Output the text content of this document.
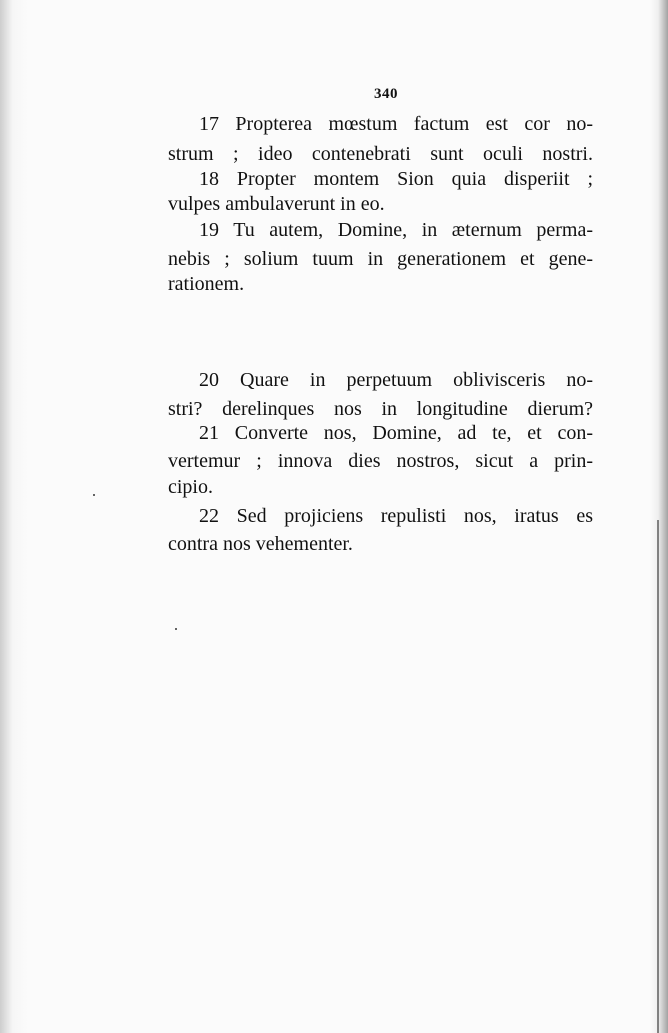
340
17 Propterea mœstum factum est cor no-
strum ; ideo contenebrati sunt oculi nostri.
18 Propter montem Sion quia disperiit ;
vulpes ambulaverunt in eo.
19 Tu autem, Domine, in æternum perma-
nebis ; solium tuum in generationem et gene-
rationem.
20 Quare in perpetuum oblivisceris no-
stri? derelinques nos in longitudine dierum?
21 Converte nos, Domine, ad te, et con-
vertemur ; innova dies nostros, sicut a prin-
cipio.
22 Sed projiciens repulisti nos, iratus es
contra nos vehementer.
